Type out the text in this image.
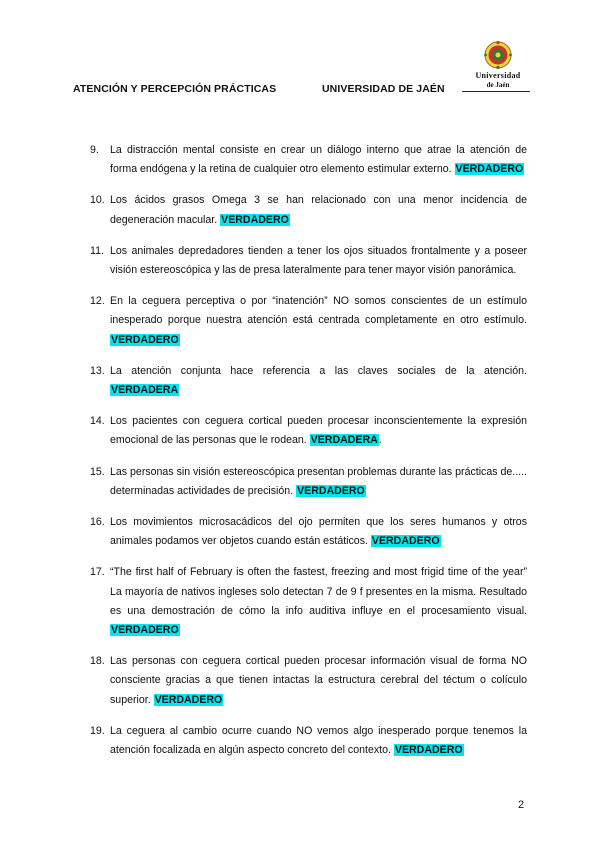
ATENCIÓN Y PERCEPCIÓN PRÁCTICAS	UNIVERSIDAD DE JAÉN
Universidad
de Jaén
9. La distracción mental consiste en crear un diálogo interno que atrae la atención de forma endógena y la retina de cualquier otro elemento estimular externo. VERDADERO
10. Los ácidos grasos Omega 3 se han relacionado con una menor incidencia de degeneración macular. VERDADERO
11. Los animales depredadores tienden a tener los ojos situados frontalmente y a poseer visión estereoscópica y las de presa lateralmente para tener mayor visión panorámica.
12. En la ceguera perceptiva o por “inatención” NO somos conscientes de un estímulo inesperado porque nuestra atención está centrada completamente en otro estímulo. VERDADERO
13. La atención conjunta hace referencia a las claves sociales de la atención. VERDADERA
14. Los pacientes con ceguera cortical pueden procesar inconscientemente la expresión emocional de las personas que le rodean. VERDADERA.
15. Las personas sin visión estereoscópica presentan problemas durante las prácticas de..... determinadas actividades de precisión. VERDADERO
16. Los movimientos microsacádicos del ojo permiten que los seres humanos y otros animales podamos ver objetos cuando están estáticos. VERDADERO
17. “The first half of February is often the fastest, freezing and most frigid time of the year” La mayoría de nativos ingleses solo detectan 7 de 9 f presentes en la misma. Resultado es una demostración de cómo la info auditiva influye en el procesamiento visual. VERDADERO
18. Las personas con ceguera cortical pueden procesar información visual de forma NO consciente gracias a que tienen intactas la estructura cerebral del téctum o colículo superior. VERDADERO
19. La ceguera al cambio ocurre cuando NO vemos algo inesperado porque tenemos la atención focalizada en algún aspecto concreto del contexto. VERDADERO
2
